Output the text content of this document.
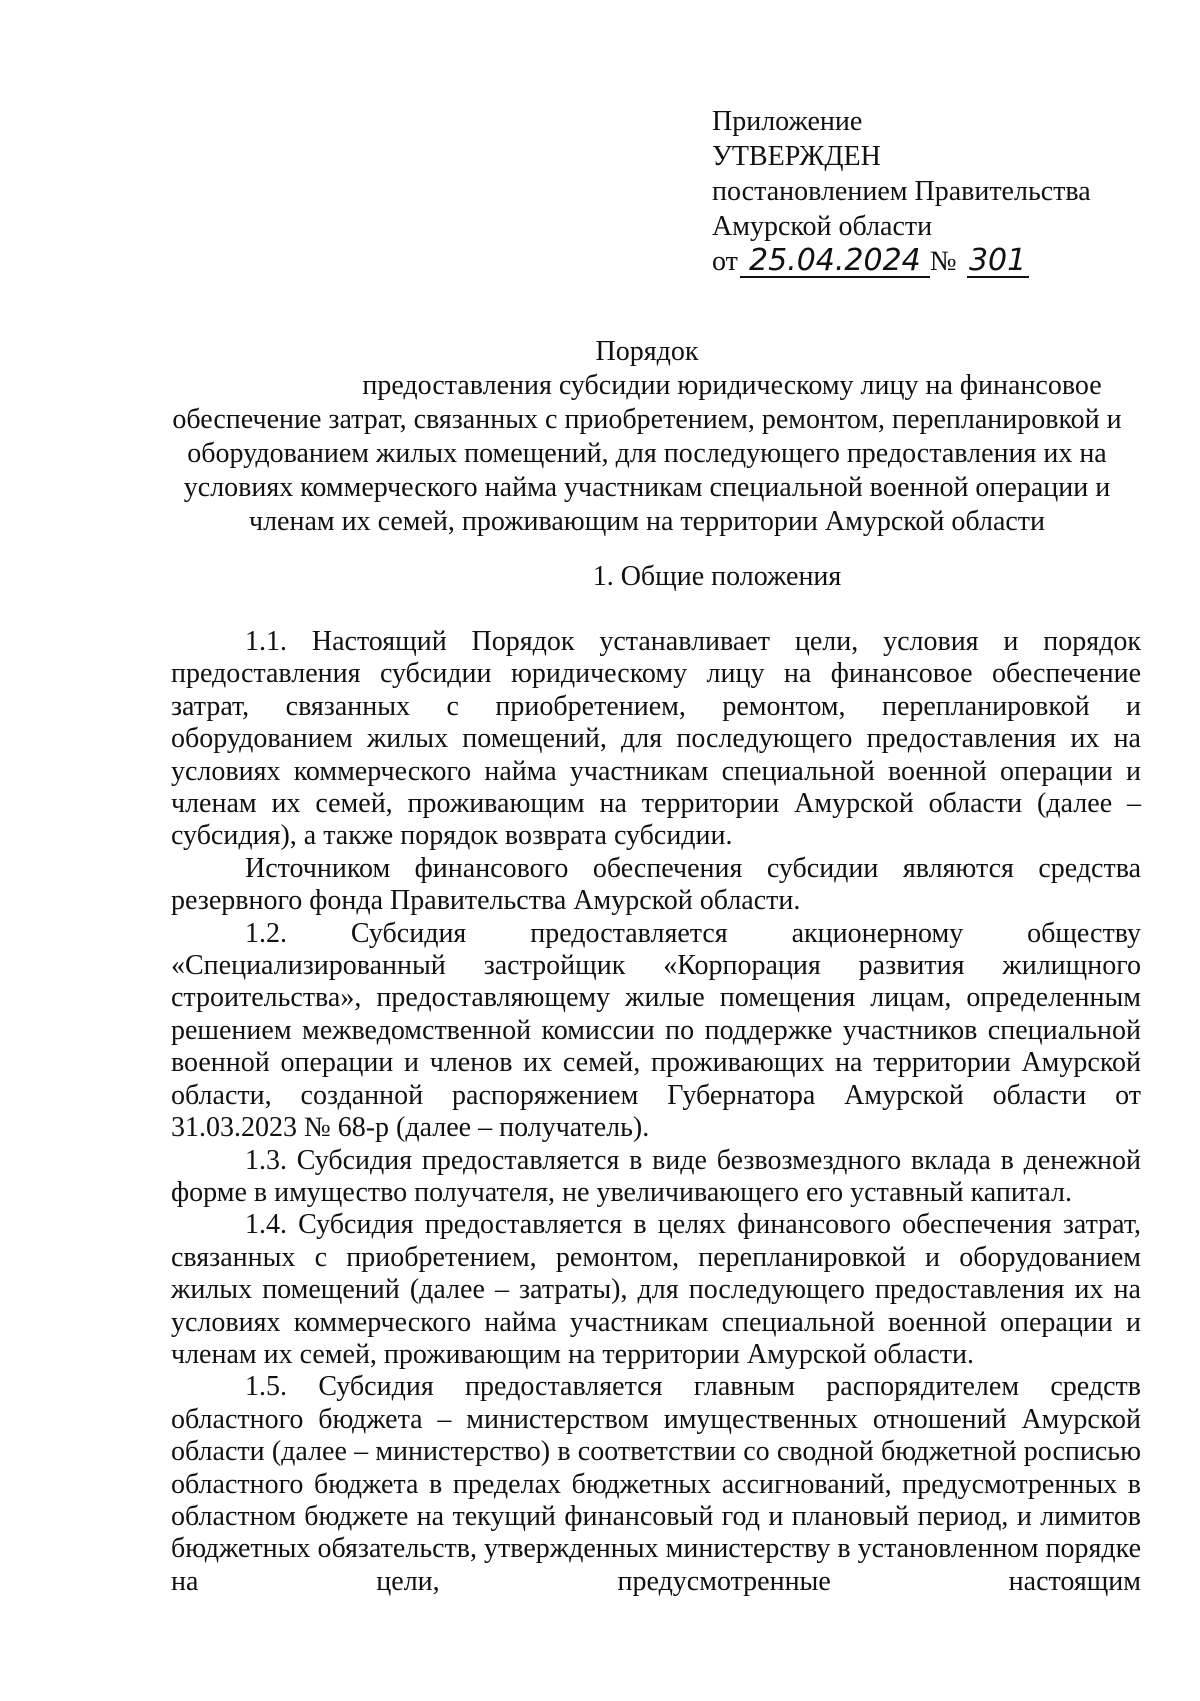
Приложение
УТВЕРЖДЕН
постановлением Правительства
Амурской области
от 25.04.2024 № 301
Порядок
предоставления субсидии юридическому лицу на финансовое обеспечение затрат, связанных с приобретением, ремонтом, перепланировкой и оборудованием жилых помещений, для последующего предоставления их на условиях коммерческого найма участникам специальной военной операции и членам их семей, проживающим на территории Амурской области
1. Общие положения

1.1. Настоящий Порядок устанавливает цели, условия и порядок предоставления субсидии юридическому лицу на финансовое обеспечение затрат, связанных с приобретением, ремонтом, перепланировкой и оборудованием жилых помещений, для последующего предоставления их на условиях коммерческого найма участникам специальной военной операции и членам их семей, проживающим на территории Амурской области (далее – субсидия), а также порядок возврата субсидии.

Источником финансового обеспечения субсидии являются средства резервного фонда Правительства Амурской области.

1.2. Субсидия предоставляется акционерному обществу «Специализированный застройщик «Корпорация развития жилищного строительства», предоставляющему жилые помещения лицам, определенным решением межведомственной комиссии по поддержке участников специальной военной операции и членов их семей, проживающих на территории Амурской области, созданной распоряжением Губернатора Амурской области от 31.03.2023 № 68-р (далее – получатель).

1.3. Субсидия предоставляется в виде безвозмездного вклада в денежной форме в имущество получателя, не увеличивающего его уставный капитал.

1.4. Субсидия предоставляется в целях финансового обеспечения затрат, связанных с приобретением, ремонтом, перепланировкой и оборудованием жилых помещений (далее – затраты), для последующего предоставления их на условиях коммерческого найма участникам специальной военной операции и членам их семей, проживающим на территории Амурской области.

1.5. Субсидия предоставляется главным распорядителем средств областного бюджета – министерством имущественных отношений Амурской области (далее – министерство) в соответствии со сводной бюджетной росписью областного бюджета в пределах бюджетных ассигнований, предусмотренных в областном бюджете на текущий финансовый год и плановый период, и лимитов бюджетных обязательств, утвержденных министерству в установленном порядке на цели, предусмотренные настоящим
